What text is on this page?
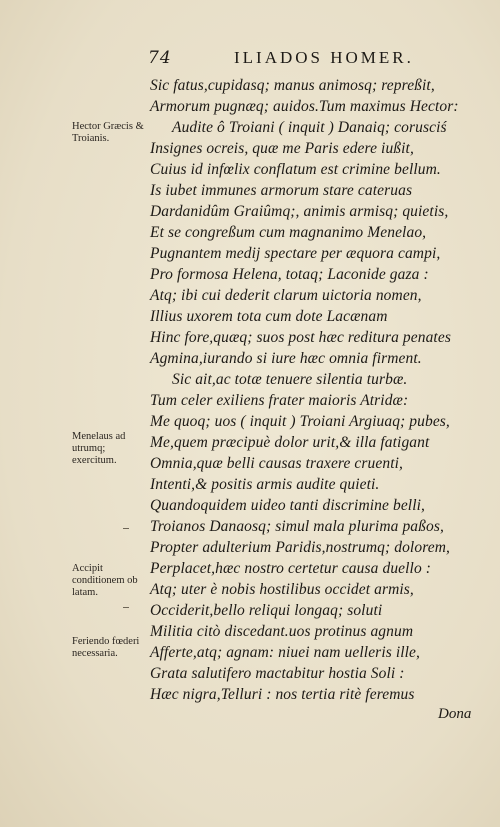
74	ILIADOS HOMER.
Hector Græcis & Troianis.
Menelaus ad utrumq; exercitum.
Accipit conditionem ob latam.
Feriendo fœderi necessaria.
Sic fatus,cupidasq; manus animosq; repreßit,
Armorum pugnæq; auidos.Tum maximus Hector:
Audite ô Troiani ( inquit ) Danaiq; corusciś
Insignes ocreis, quæ me Paris edere iußit,
Cuius id infœlix conflatum est crimine bellum.
Is iubet immunes armorum stare cateruas
Dardanidûm Graiûmq;, animis armisq; quietis,
Et se congreßum cum magnanimo Menelao,
Pugnantem medij spectare per æquora campi,
Pro formosa Helena, totaq; Laconide gaza :
Atq; ibi cui dederit clarum uictoria nomen,
Illius uxorem tota cum dote Lacænam
Hinc fore,quæq; suos post hæc reditura penates
Agmina,iurando si iure hæc omnia firment.
Sic ait,ac totæ tenuere silentia turbæ.
Tum celer exiliens frater maioris Atridæ:
Me quoq; uos ( inquit ) Troiani Argiuaq; pubes,
Me,quem præcipuè dolor urit,& illa fatigant
Omnia,quæ belli causas traxere cruenti,
Intenti,& positis armis audite quieti.
Quandoquidem uideo tanti discrimine belli,
Troianos Danaosq; simul mala plurima paßos,
Propter adulterium Paridis,nostrumq; dolorem,
Perplacet,hæc nostro certetur causa duello :
Atq; uter è nobis hostilibus occidet armis,
Occiderit,bello reliqui longaq; soluti
Militia citò discedant.uos protinus agnum
Afferte,atq; agnam: niuei nam uelleris ille,
Grata salutifero mactabitur hostia Soli :
Hæc nigra,Telluri : nos tertia ritè feremus
Dona
